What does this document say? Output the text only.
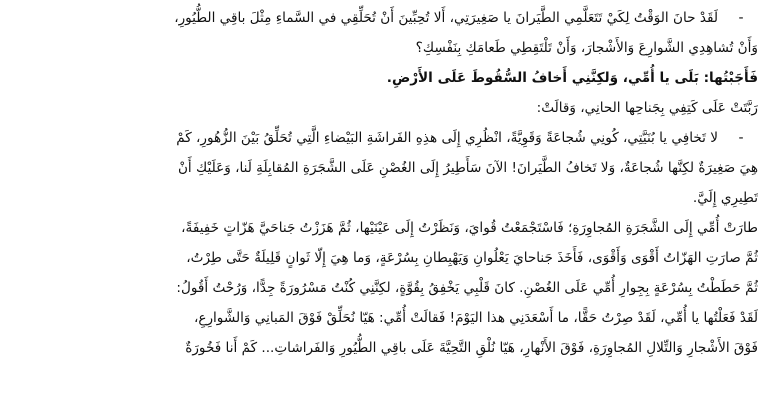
-
لَقَدْ حانَ الوَقْتُ لِكَيْ تَتَعَلَّمِي الطَّيَرانَ يا صَغِيرَتِي، أَلا تُحِبِّينَ أَنْ تُحَلِّقِي في السَّماءِ مِثْلَ باقِي الطُّيُورِ،
وَأَنْ تُشاهِدِي الشَّوارِعَ وَالأَشْجارَ، وَأَنْ تَلْتَقِطِي طَعامَكِ بِنَفْسِكِ؟
فَأَجَبْتُها: بَلَى يا أُمِّي، وَلكِنَّنِي أَخافُ السُّقُوطَ عَلَى الأَرْضِ.
رَبَّتَتْ عَلَى كَتِفِي بِجَناحِها الحانِي، وَقالَتْ:
-
لا تَخافِي يا بُنَيَّتِي، كُونِي شُجاعَةً وَقَوِيَّةً، انْظُرِي إِلَى هذِهِ الفَراشَةِ البَيْضاءِ الَّتِي تُحَلِّقُ بَيْنَ الزُّهُورِ، كَمْ
هِيَ صَغِيرَةٌ لكِنَّها شُجاعَةٌ، وَلا تَخافُ الطَّيَرانَ! الآنَ سَأَطِيرُ إِلَى الغُصْنِ عَلَى الشَّجَرَةِ المُقابِلَةِ لَنا، وَعَلَيْكِ أَنْ
تَطِيرِي إِلَيَّ.
طارَتْ أُمِّي إِلَى الشَّجَرَةِ المُجاوِرَةِ؛ فَاسْتَجْمَعْتُ قُوايَ، وَنَظَرْتُ إِلَى عَيْنَيْها، ثُمَّ هَزَزْتُ جَناحَيَّ هَزّاتٍ خَفِيفَةً،
ثُمَّ صارَتِ الهَزّاتُ أَقْوَى وَأَقْوَى، فَأَخَذَ جَناحايَ يَعْلُوانِ وَيَهْبِطانِ بِسُرْعَةٍ، وَما هِيَ إِلّا ثَوانٍ قَلِيلَةٌ حَتَّى طِرْتُ،
ثُمَّ حَطَطْتُ بِسُرْعَةٍ بِجِوارِ أُمِّي عَلَى الغُصْنِ. كانَ قَلْبِي يَخْفِقُ بِقُوَّةٍ، لكِنَّنِي كُنْتُ مَسْرُورَةً جِدًّا، وَرُحْتُ أَقُولُ:
لَقَدْ فَعَلْتُها يا أُمِّي، لَقَدْ صِرْتُ حَقًّا، ما أَسْعَدَنِي هذا اليَوْمَ! فَقالَتْ أُمِّي: هَيّا نُحَلِّقْ فَوْقَ المَبانِي وَالشَّوارِعِ،
فَوْقَ الأَشْجارِ وَالتِّلالِ المُجاوِرَةِ، فَوْقَ الأَنْهارِ، هَيّا نُلْقِ التَّحِيَّةَ عَلَى باقِي الطُّيُورِ وَالفَراشاتِ... كَمْ أَنا فَخُورَةٌ
